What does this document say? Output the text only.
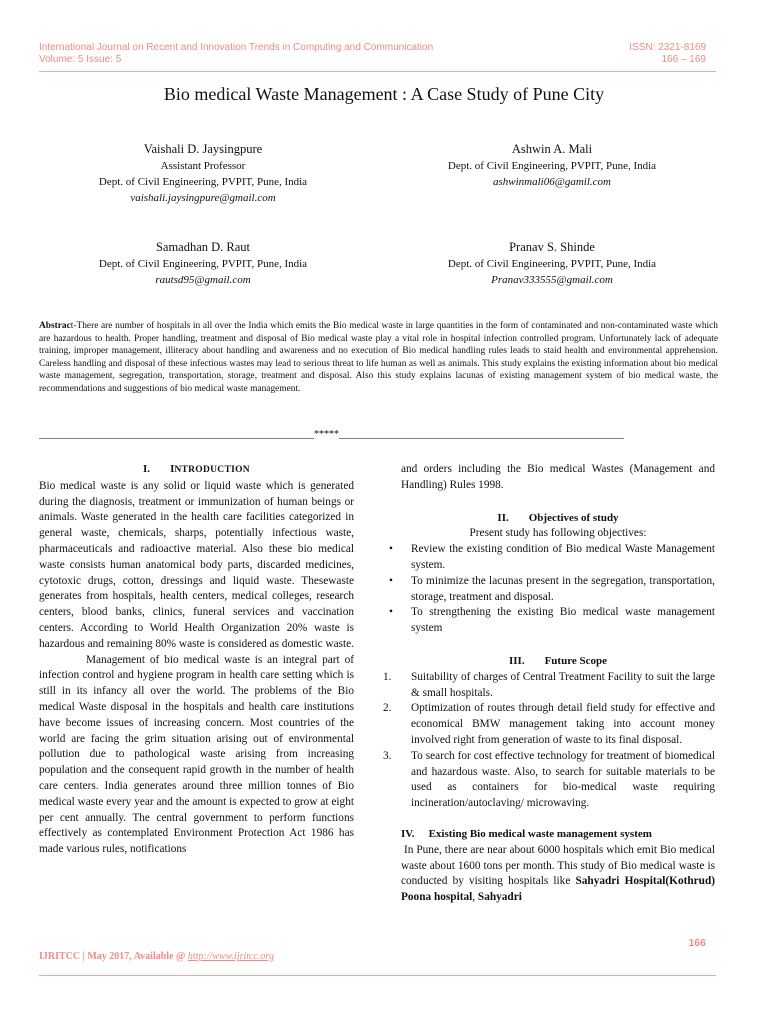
International Journal on Recent and Innovation Trends in Computing and Communication
Volume: 5 Issue: 5
ISSN: 2321-8169
166 – 169
Bio medical Waste Management : A Case Study of Pune City
Vaishali D. Jaysingpure
Assistant Professor
Dept. of Civil Engineering, PVPIT, Pune, India
vaishali.jaysingpure@gmail.com
Ashwin A. Mali
Dept. of Civil Engineering, PVPIT, Pune, India
ashwinmali06@gamil.com
Samadhan D. Raut
Dept. of Civil Engineering, PVPIT, Pune, India
rautsd95@gmail.com
Pranav S. Shinde
Dept. of Civil Engineering, PVPIT, Pune, India
Pranav333555@gmail.com
Abstract-There are number of hospitals in all over the India which emits the Bio medical waste in large quantities in the form of contaminated and non-contaminated waste which are hazardous to health. Proper handling, treatment and disposal of Bio medical waste play a vital role in hospital infection controlled program. Unfortunately lack of adequate training, improper management, illiteracy about handling and awareness and no execution of Bio medical handling rules leads to staid health and environmental apprehension. Careless handling and disposal of these infectious wastes may lead to serious threat to life human as well as animals. This study explains the existing information about bio medical waste management, segregation, transportation, storage, treatment and disposal. Also this study explains lacunas of existing management system of bio medical waste, the recommendations and suggestions of bio medical waste management.
_______________________________________________________*****_________________________________________________________
I. INTRODUCTION

Bio medical waste is any solid or liquid waste which is generated during the diagnosis, treatment or immunization of human beings or animals. Waste generated in the health care facilities categorized in general waste, chemicals, sharps, potentially infectious waste, pharmaceuticals and radioactive material. Also these bio medical waste consists human anatomical body parts, discarded medicines, cytotoxic drugs, cotton, dressings and liquid waste. Thesewaste generates from hospitals, health centers, medical colleges, research centers, blood banks, clinics, funeral services and vaccination centers. According to World Health Organization 20% waste is hazardous and remaining 80% waste is considered as domestic waste.

Management of bio medical waste is an integral part of infection control and hygiene program in health care setting which is still in its infancy all over the world. The problems of the Bio medical Waste disposal in the hospitals and health care institutions have become issues of increasing concern. Most countries of the world are facing the grim situation arising out of environmental pollution due to pathological waste arising from increasing population and the consequent rapid growth in the number of health care centers. India generates around three million tonnes of Bio medical waste every year and the amount is expected to grow at eight per cent annually. The central government to perform functions effectively as contemplated Environment Protection Act 1986 has made various rules, notifications

and orders including the Bio medical Wastes (Management and Handling) Rules 1998.

II. Objectives of study
Present study has following objectives:
• Review the existing condition of Bio medical Waste Management system.
• To minimize the lacunas present in the segregation, transportation, storage, treatment and disposal.
• To strengthening the existing Bio medical waste management system
III. Future Scope
1. Suitability of charges of Central Treatment Facility to suit the large & small hospitals.
2. Optimization of routes through detail field study for effective and economical BMW management taking into account money involved right from generation of waste to its final disposal.
3. To search for cost effective technology for treatment of biomedical and hazardous waste. Also, to search for suitable materials to be used as containers for bio-medical waste requiring incineration/autoclaving/ microwaving.
IV. Existing Bio medical waste management system

In Pune, there are near about 6000 hospitals which emit Bio medical waste about 1600 tons per month. This study of Bio medical waste is conducted by visiting hospitals like Sahyadri Hospital(Kothrud) Poona hospital, Sahyadri

166
IJRITCC | May 2017, Available @ http://www.ijritcc.org
